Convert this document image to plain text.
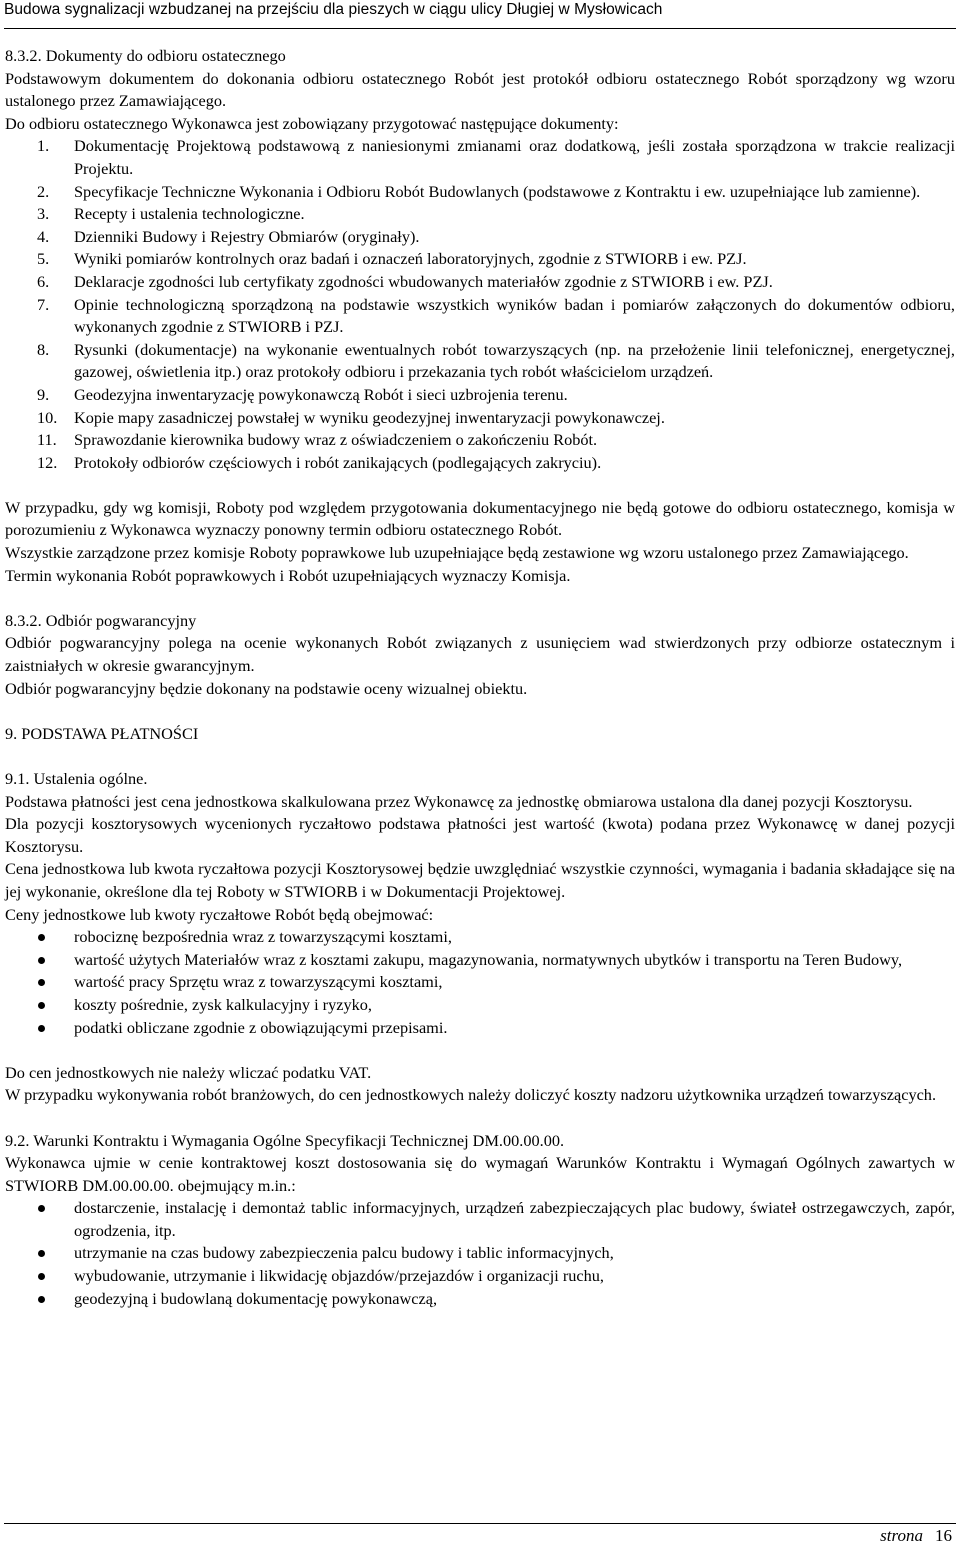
Budowa sygnalizacji wzbudzanej na przejściu dla pieszych w ciągu ulicy Długiej w Mysłowicach

8.3.2. Dokumenty do odbioru ostatecznego

Podstawowym dokumentem do dokonania odbioru ostatecznego Robót jest protokół odbioru ostatecznego Robót sporządzony wg wzoru ustalonego przez Zamawiającego.

Do odbioru ostatecznego Wykonawca jest zobowiązany przygotować następujące dokumenty:

1. Dokumentację Projektową podstawową z naniesionymi zmianami oraz dodatkową, jeśli została sporządzona w trakcie realizacji Projektu.
2. Specyfikacje Techniczne Wykonania i Odbioru Robót Budowlanych (podstawowe z Kontraktu i ew. uzupełniające lub zamienne).
3. Recepty i ustalenia technologiczne.
4. Dzienniki Budowy i Rejestry Obmiarów (oryginały).
5. Wyniki pomiarów kontrolnych oraz badań i oznaczeń laboratoryjnych, zgodnie z STWIORB i ew. PZJ.
6. Deklaracje zgodności lub certyfikaty zgodności wbudowanych materiałów zgodnie z STWIORB i ew. PZJ.
7. Opinie technologiczną sporządzoną na podstawie wszystkich wyników badan i pomiarów załączonych do dokumentów odbioru, wykonanych zgodnie z STWIORB i PZJ.
8. Rysunki (dokumentacje) na wykonanie ewentualnych robót towarzyszących (np. na przełożenie linii telefonicznej, energetycznej, gazowej, oświetlenia itp.) oraz protokoły odbioru i przekazania tych robót właścicielom urządzeń.
9. Geodezyjna inwentaryzację powykonawczą Robót i sieci uzbrojenia terenu.
10. Kopie mapy zasadniczej powstałej w wyniku geodezyjnej inwentaryzacji powykonawczej.
11. Sprawozdanie kierownika budowy wraz z oświadczeniem o zakończeniu Robót.
12. Protokoły odbiorów częściowych i robót zanikających (podlegających zakryciu).

W przypadku, gdy wg komisji, Roboty pod względem przygotowania dokumentacyjnego nie będą gotowe do odbioru ostatecznego, komisja w porozumieniu z Wykonawca wyznaczy ponowny termin odbioru ostatecznego Robót.

Wszystkie zarządzone przez komisje Roboty poprawkowe lub uzupełniające będą zestawione wg wzoru ustalonego przez Zamawiającego.

Termin wykonania Robót poprawkowych i Robót uzupełniających wyznaczy Komisja.

8.3.2. Odbiór pogwarancyjny

Odbiór pogwarancyjny polega na ocenie wykonanych Robót związanych z usunięciem wad stwierdzonych przy odbiorze ostatecznym i zaistniałych w okresie gwarancyjnym.

Odbiór pogwarancyjny będzie dokonany na podstawie oceny wizualnej obiektu.

9. PODSTAWA PŁATNOŚCI

9.1. Ustalenia ogólne.

Podstawa płatności jest cena jednostkowa skalkulowana przez Wykonawcę za jednostkę obmiarowa ustalona dla danej pozycji Kosztorysu.

Dla pozycji kosztorysowych wycenionych ryczałtowo podstawa płatności jest wartość (kwota) podana przez Wykonawcę w danej pozycji Kosztorysu.

Cena jednostkowa lub kwota ryczałtowa pozycji Kosztorysowej będzie uwzględniać wszystkie czynności, wymagania i badania składające się na jej wykonanie, określone dla tej Roboty w STWIORB i w Dokumentacji Projektowej.

Ceny jednostkowe lub kwoty ryczałtowe Robót będą obejmować:

robociznę bezpośrednia wraz z towarzyszącymi kosztami,
wartość użytych Materiałów wraz z kosztami zakupu, magazynowania, normatywnych ubytków i transportu na Teren Budowy,
wartość pracy Sprzętu wraz z towarzyszącymi kosztami,
koszty pośrednie, zysk kalkulacyjny i ryzyko,
podatki obliczane zgodnie z obowiązującymi przepisami.

Do cen jednostkowych nie należy wliczać podatku VAT.

W przypadku wykonywania robót branżowych, do cen jednostkowych należy doliczyć koszty nadzoru użytkownika urządzeń towarzyszących.

9.2. Warunki Kontraktu i Wymagania Ogólne Specyfikacji Technicznej DM.00.00.00.

Wykonawca ujmie w cenie kontraktowej koszt dostosowania się do wymagań Warunków Kontraktu i Wymagań Ogólnych zawartych w STWIORB DM.00.00.00. obejmujący m.in.:

dostarczenie, instalację i demontaż tablic informacyjnych, urządzeń zabezpieczających plac budowy, świateł ostrzegawczych, zapór, ogrodzenia, itp.
utrzymanie na czas budowy zabezpieczenia palcu budowy i tablic informacyjnych,
wybudowanie, utrzymanie i likwidację objazdów/przejazdów i organizacji ruchu,
geodezyjną i budowlaną dokumentację powykonawczą,
strona 16
